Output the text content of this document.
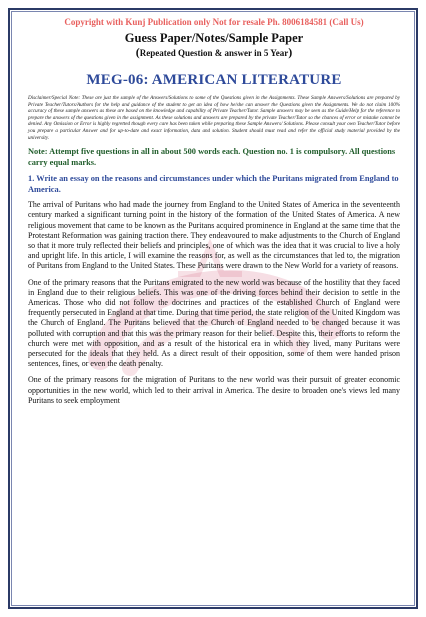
Copyright with Kunj Publication only Not for resale Ph. 8006184581 (Call Us)

Guess Paper/Notes/Sample Paper

(Repeated Question & answer in 5 Year)

MEG-06: AMERICAN LITERATURE

Disclaimer/Special Note: These are just the sample of the Answers/Solutions to some of the Questions given in the Assignments. These Sample Answers/Solutions are prepared by Private Teacher/Tutors/Authors for the help and guidance of the student to get an idea of how he/she can answer the Questions given the Assignments. We do not claim 100% accuracy of these sample answers as these are based on the knowledge and capability of Private Teacher/Tutor. Sample answers may be seen as the Guide/Help for the reference to prepare the answers of the questions given in the assignment. As these solutions and answers are prepared by the private Teacher/Tutor so the chances of error or mistake cannot be denied. Any Omission or Error is highly regretted though every care has been taken while preparing these Sample Answers/ Solutions. Please consult your own Teacher/Tutor before you prepare a particular Answer and for up-to-date and exact information, data and solution. Student should must read and refer the official study material provided by the university.

Note: Attempt five questions in all in about 500 words each. Question no. 1 is compulsory. All questions carry equal marks.

1. Write an essay on the reasons and circumstances under which the Puritans migrated from England to America.

The arrival of Puritans who had made the journey from England to the United States of America in the seventeenth century marked a significant turning point in the history of the formation of the United States of America. A new religious movement that came to be known as the Puritans acquired prominence in England at the same time that the Protestant Reformation was gaining traction there. They endeavoured to make adjustments to the Church of England so that it more truly reflected their beliefs and principles, one of which was the idea that it was crucial to live a holy and upright life. In this article, I will examine the reasons for, as well as the circumstances that led to, the migration of Puritans from England to the United States. These Puritans were drawn to the New World for a variety of reasons.

One of the primary reasons that the Puritans emigrated to the new world was because of the hostility that they faced in England due to their religious beliefs. This was one of the driving forces behind their decision to settle in the Americas. Those who did not follow the doctrines and practices of the established Church of England were frequently persecuted in England at that time. During that time period, the state religion of the United Kingdom was the Church of England. The Puritans believed that the Church of England needed to be changed because it was polluted with corruption and that this was the primary reason for their belief. Despite this, their efforts to reform the church were met with opposition, and as a result of the historical era in which they lived, many Puritans were persecuted for the ideals that they held. As a direct result of their opposition, some of them were handed prison sentences, fines, or even the death penalty.

One of the primary reasons for the migration of Puritans to the new world was their pursuit of greater economic opportunities in the new world, which led to their arrival in America. The desire to broaden one's views led many Puritans to seek employment
